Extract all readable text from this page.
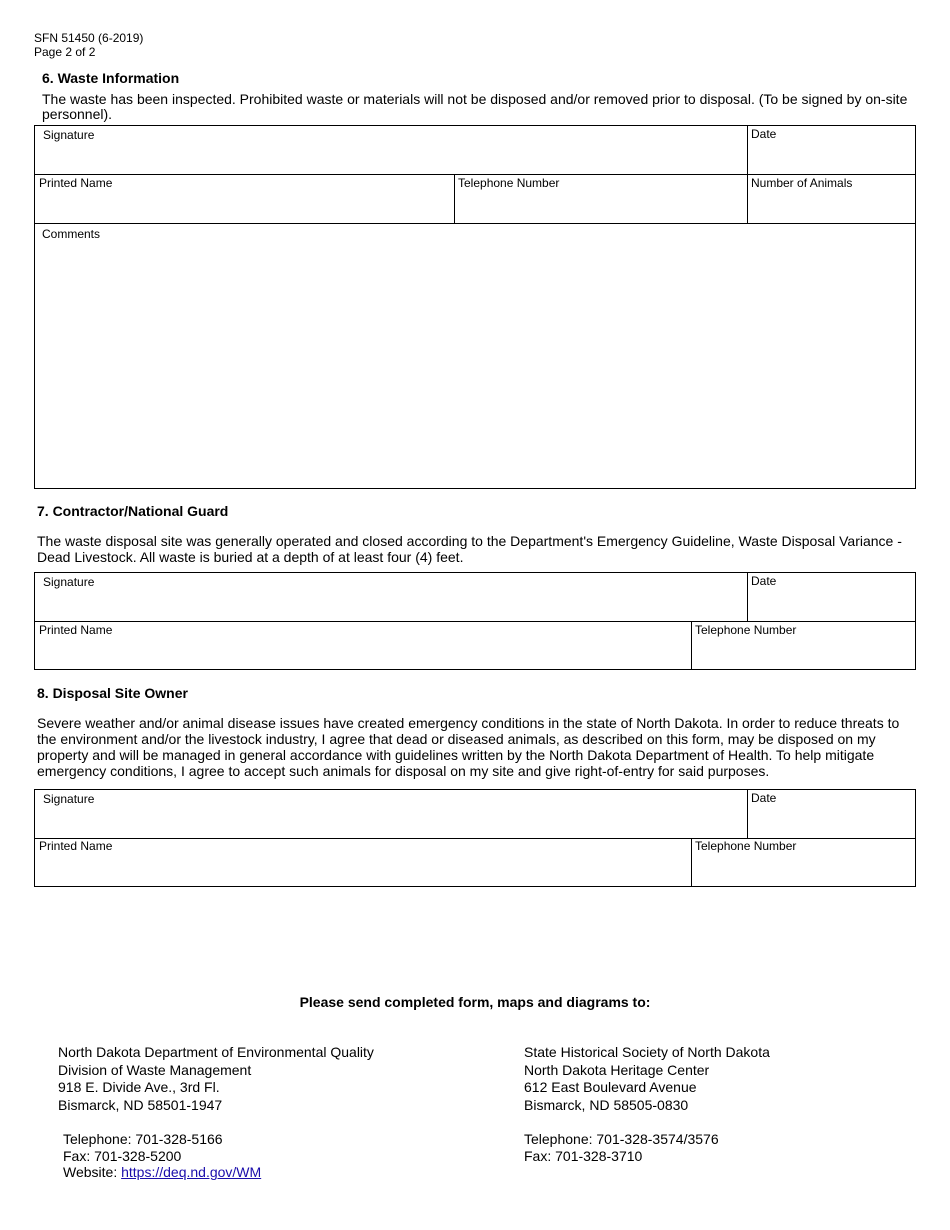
SFN 51450 (6-2019)
Page 2 of 2
6. Waste Information
The waste has been inspected. Prohibited waste or materials will not be disposed and/or removed prior to disposal. (To be signed by on-site
personnel).
Signature	Date
Printed Name	Telephone Number	Number of Animals
Comments
7. Contractor/National Guard
The waste disposal site was generally operated and closed according to the Department's Emergency Guideline, Waste Disposal Variance -
Dead Livestock. All waste is buried at a depth of at least four (4) feet.
Signature	Date
Printed Name	Telephone Number
8. Disposal Site Owner
Severe weather and/or animal disease issues have created emergency conditions in the state of North Dakota. In order to reduce threats to
the environment and/or the livestock industry, I agree that dead or diseased animals, as described on this form, may be disposed on my
property and will be managed in general accordance with guidelines written by the North Dakota Department of Health. To help mitigate
emergency conditions, I agree to accept such animals for disposal on my site and give right-of-entry for said purposes.
Signature	Date
Printed Name	Telephone Number
Please send completed form, maps and diagrams to:
North Dakota Department of Environmental Quality
Division of Waste Management
918 E. Divide Ave., 3rd Fl.
Bismarck, ND 58501-1947
Telephone: 701-328-5166
Fax: 701-328-5200
Website: https://deq.nd.gov/WM
State Historical Society of North Dakota
North Dakota Heritage Center
612 East Boulevard Avenue
Bismarck, ND 58505-0830
Telephone: 701-328-3574/3576
Fax: 701-328-3710
